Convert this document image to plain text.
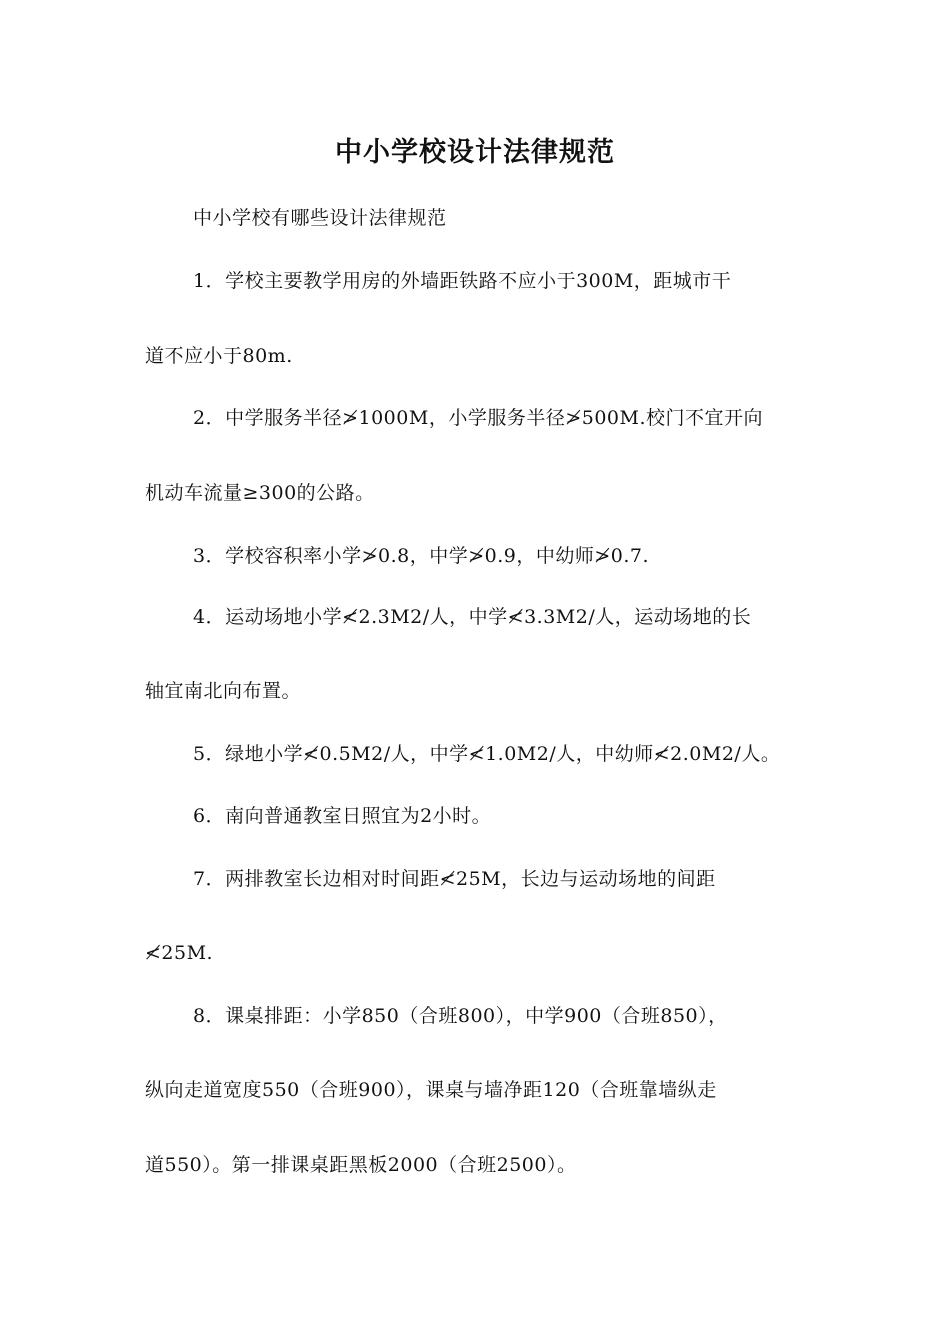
中小学校设计法律规范

中小学校有哪些设计法律规范

1．学校主要教学用房的外墙距铁路不应小于300M，距城市干

道不应小于80m.

2．中学服务半径≯1000M，小学服务半径≯500M.校门不宜开向

机动车流量≥300的公路。

3．学校容积率小学≯0.8，中学≯0.9，中幼师≯0.7.

4．运动场地小学≮2.3M2/人，中学≮3.3M2/人，运动场地的长

轴宜南北向布置。

5．绿地小学≮0.5M2/人，中学≮1.0M2/人，中幼师≮2.0M2/人。

6．南向普通教室日照宜为2小时。

7．两排教室长边相对时间距≮25M，长边与运动场地的间距

≮25M.

8．课桌排距：小学850（合班800），中学900（合班850），

纵向走道宽度550（合班900），课桌与墙净距120（合班靠墙纵走

道550）。第一排课桌距黑板2000（合班2500）。
